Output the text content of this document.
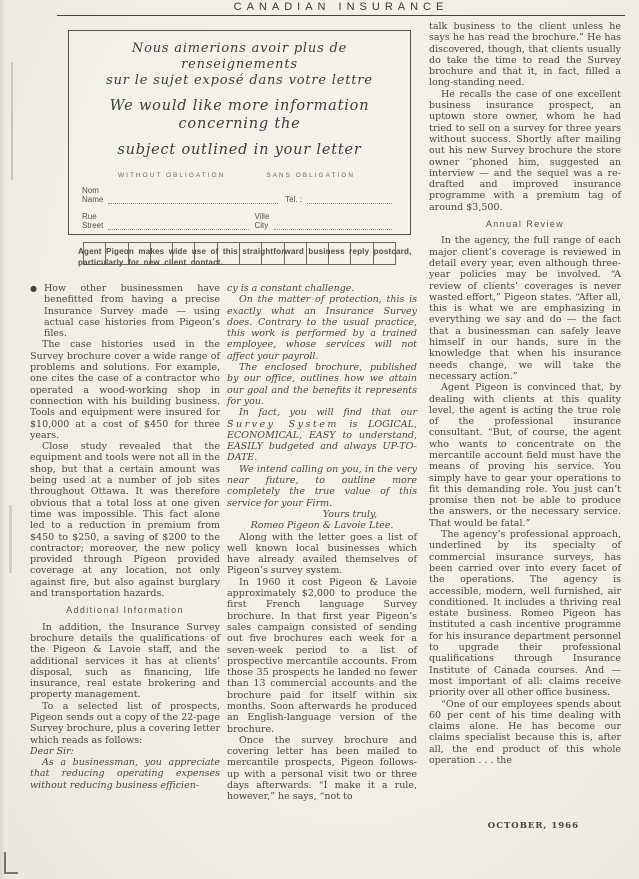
CANADIAN INSURANCE
Nous aimerions avoir plus de renseignements
sur le sujet exposé dans votre lettre
We would like more information concerning the
subject outlined in your letter
WITHOUT OBLIGATION	SANS OBLIGATION
Nom
Name	Tel. :
Rue
Street
Ville
City
Agent Pigeon makes wide use of this straightforward business reply postcard, particularly for new client contact.

● How other businessmen have benefitted from having a precise Insurance Survey made — using actual case histories from Pigeon’s files.

The case histories used in the Survey brochure cover a wide range of problems and solutions. For example, one cites the case of a contractor who operated a wood-working shop in connection with his building business. Tools and equipment were insured for $10,000 at a cost of $450 for three years.

Close study revealed that the equipment and tools were not all in the shop, but that a certain amount was being used at a number of job sites throughout Ottawa. It was therefore obvious that a total loss at one given time was impossible. This fact alone led to a reduction in premium from $450 to $250, a saving of $200 to the contractor; moreover, the new policy provided through Pigeon provided coverage at any location, not only against fire, but also against burglary and transportation hazards.

Additional Information

In addition, the Insurance Survey brochure details the qualifications of the Pigeon & Lavoie staff, and the additional services it has at clients’ disposal, such as financing, life insurance, real estate brokering and property management.

To a selected list of prospects, Pigeon sends out a copy of the 22-page Survey brochure, plus a covering letter which reads as follows:

Dear Sir:

As a businessman, you appreciate that reducing operating expenses without reducing business efficien-

cy is a constant challenge.

On the matter of protection, this is exactly what an Insurance Survey does. Contrary to the usual practice, this work is performed by a trained employee, whose services will not affect your payroll.

The enclosed brochure, published by our office, outlines how we attain our goal and the benefits it represents for you.

In fact, you will find that our Survey System is LOGICAL, ECONOMICAL, EASY to understand, EASILY budgeted and always UP-TO-DATE.

We intend calling on you, in the very near future, to outline more completely the true value of this service for your Firm.

Yours truly,

Romeo Pigeon & Lavoie Ltee.

Along with the letter goes a list of well known local businesses which have already availed themselves of Pigeon’s survey system.

In 1960 it cost Pigeon & Lavoie approximately $2,000 to produce the first French language Survey brochure. In that first year Pigeon’s sales campaign consisted of sending out five brochures each week for a seven-week period to a list of prospective mercantile accounts. From those 35 prospects he landed no fewer than 13 commercial accounts and the brochure paid for itself within six months. Soon afterwards he produced an English-language version of the brochure.

Once the survey brochure and covering letter has been mailed to mercantile prospects, Pigeon follows-up with a personal visit two or three days afterwards. “I make it a rule, however,” he says, “not to

talk business to the client unless he says he has read the brochure.” He has discovered, though, that clients usually do take the time to read the Survey brochure and that it, in fact, filled a long-standing need.

He recalls the case of one excellent business insurance prospect, an uptown store owner, whom he had tried to sell on a survey for three years without success. Shortly after mailing out his new Survey brochure the store owner ’phoned him, suggested an interview — and the sequel was a re-drafted and improved insurance programme with a premium tag of around $3,500.

Annual Review

In the agency, the full range of each major client’s coverage is reviewed in detail every year, even although three-year policies may be involved. “A review of clients’ coverages is never wasted effort,” Pigeon states. “After all, this is what we are emphasizing in everything we say and do — the fact that a businessman can safely leave himself in our hands, sure in the knowledge that when his insurance needs change, we will take the necessary action.”

Agent Pigeon is convinced that, by dealing with clients at this quality level, the agent is acting the true role of the professional insurance consultant. “But, of course, the agent who wants to concentrate on the mercantile account field must have the means of proving his service. You simply have to gear your operations to fit this demanding role. You just can’t promise then not be able to produce the answers, or the necessary service. That would be fatal.”

The agency’s professional approach, underlined by its specialty of commercial insurance surveys, has been carried over into every facet of the operations. The agency is accessible, modern, well furnished, air conditioned. It includes a thriving real estate business. Romeo Pigeon has instituted a cash incentive programme for his insurance department personnel to upgrade their professional qualifications through Insurance Institute of Canada courses. And — most important of all: claims receive priority over all other office business.

“One of our employees spends about 60 per cent of his time dealing with claims alone. He has become our claims specialist because this is, after all, the end product of this whole operation . . . the

OCTOBER, 1966
